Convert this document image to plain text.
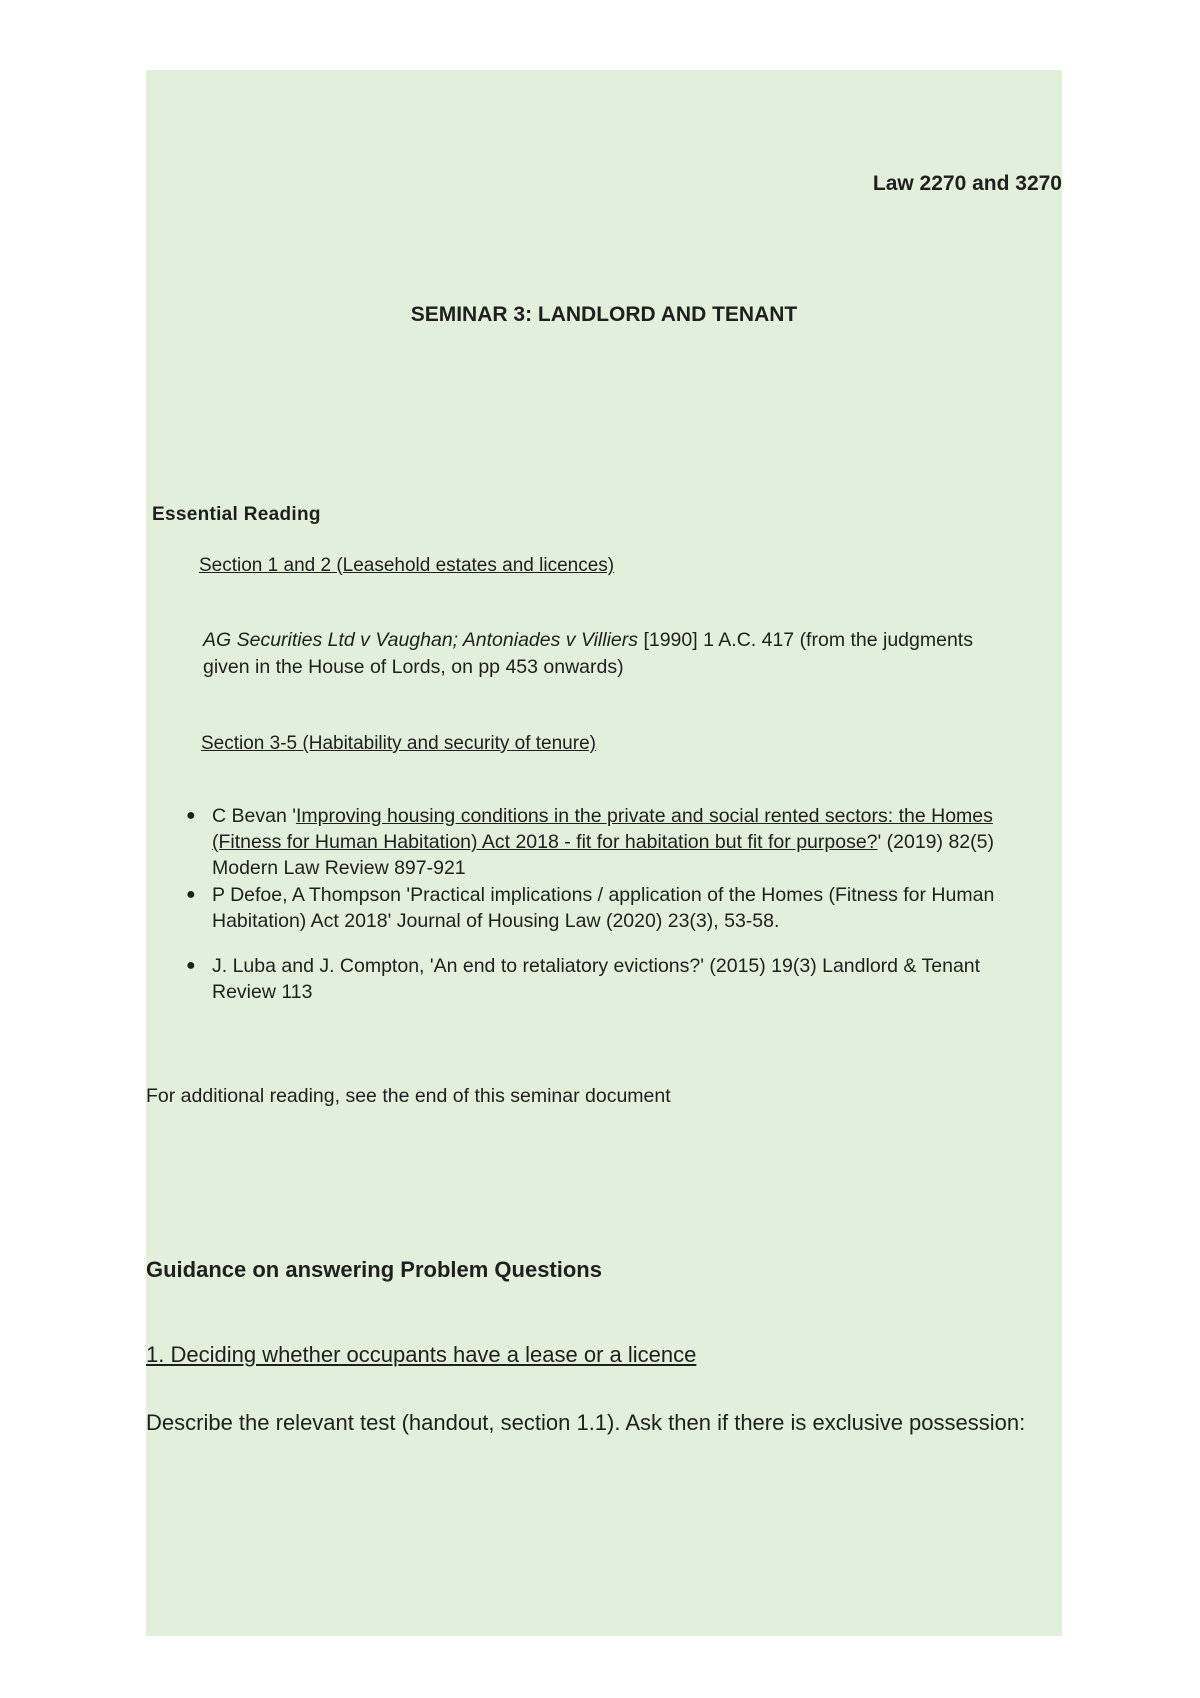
Law 2270 and 3270
SEMINAR 3: LANDLORD AND TENANT
Essential Reading
Section 1 and 2 (Leasehold estates and licences)
AG Securities Ltd v Vaughan; Antoniades v Villiers [1990] 1 A.C. 417 (from the judgments given in the House of Lords, on pp 453 onwards)
Section 3-5 (Habitability and security of tenure)
● C Bevan 'Improving housing conditions in the private and social rented sectors: the Homes (Fitness for Human Habitation) Act 2018 - fit for habitation but fit for purpose?' (2019) 82(5) Modern Law Review 897-921
● P Defoe, A Thompson 'Practical implications / application of the Homes (Fitness for Human Habitation) Act 2018' Journal of Housing Law (2020) 23(3), 53-58.
● J. Luba and J. Compton, 'An end to retaliatory evictions?' (2015) 19(3) Landlord & Tenant Review 113
For additional reading, see the end of this seminar document
Guidance on answering Problem Questions
1. Deciding whether occupants have a lease or a licence
Describe the relevant test (handout, section 1.1). Ask then if there is exclusive possession:
